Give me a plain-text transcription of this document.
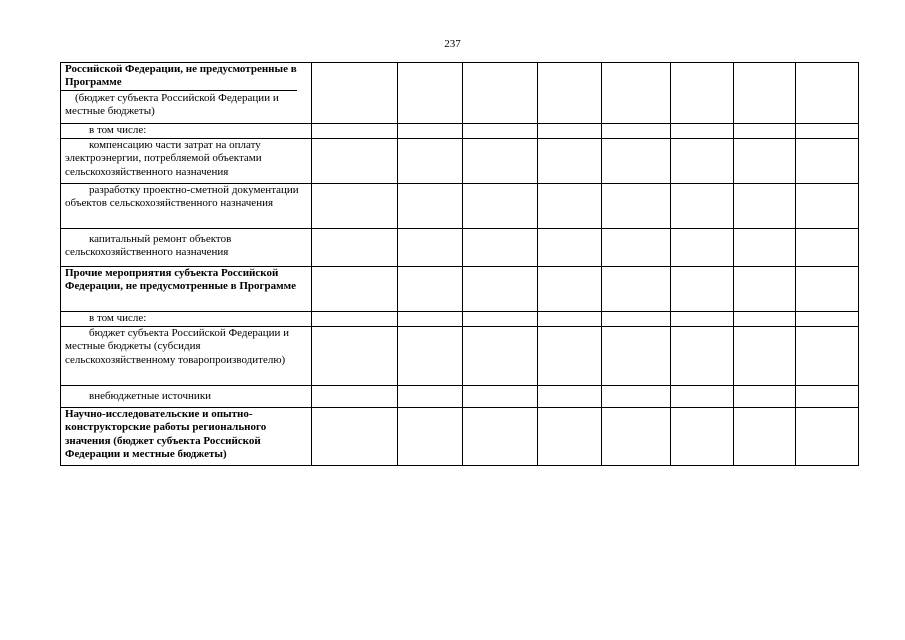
237
Российской Федерации, не предусмотренные в Программе
(бюджет субъекта Российской Федерации и местные бюджеты)								

в том числе:								
компенсацию части затрат на оплату электроэнергии, потребляемой объектами сельскохозяйственного назначения								
разработку проектно-сметной документации объектов сельскохозяйственного назначения								
капитальный ремонт объектов сельскохозяйственного назначения								
Прочие мероприятия субъекта Российской Федерации, не предусмотренные в Программе								
в том числе:								
бюджет субъекта Российской Федерации и местные бюджеты (субсидия сельскохозяйственному товаропроизводителю)								
внебюджетные источники								
Научно-исследовательские и опытно-конструкторские работы регионального значения (бюджет субъекта Российской Федерации и местные бюджеты)								
